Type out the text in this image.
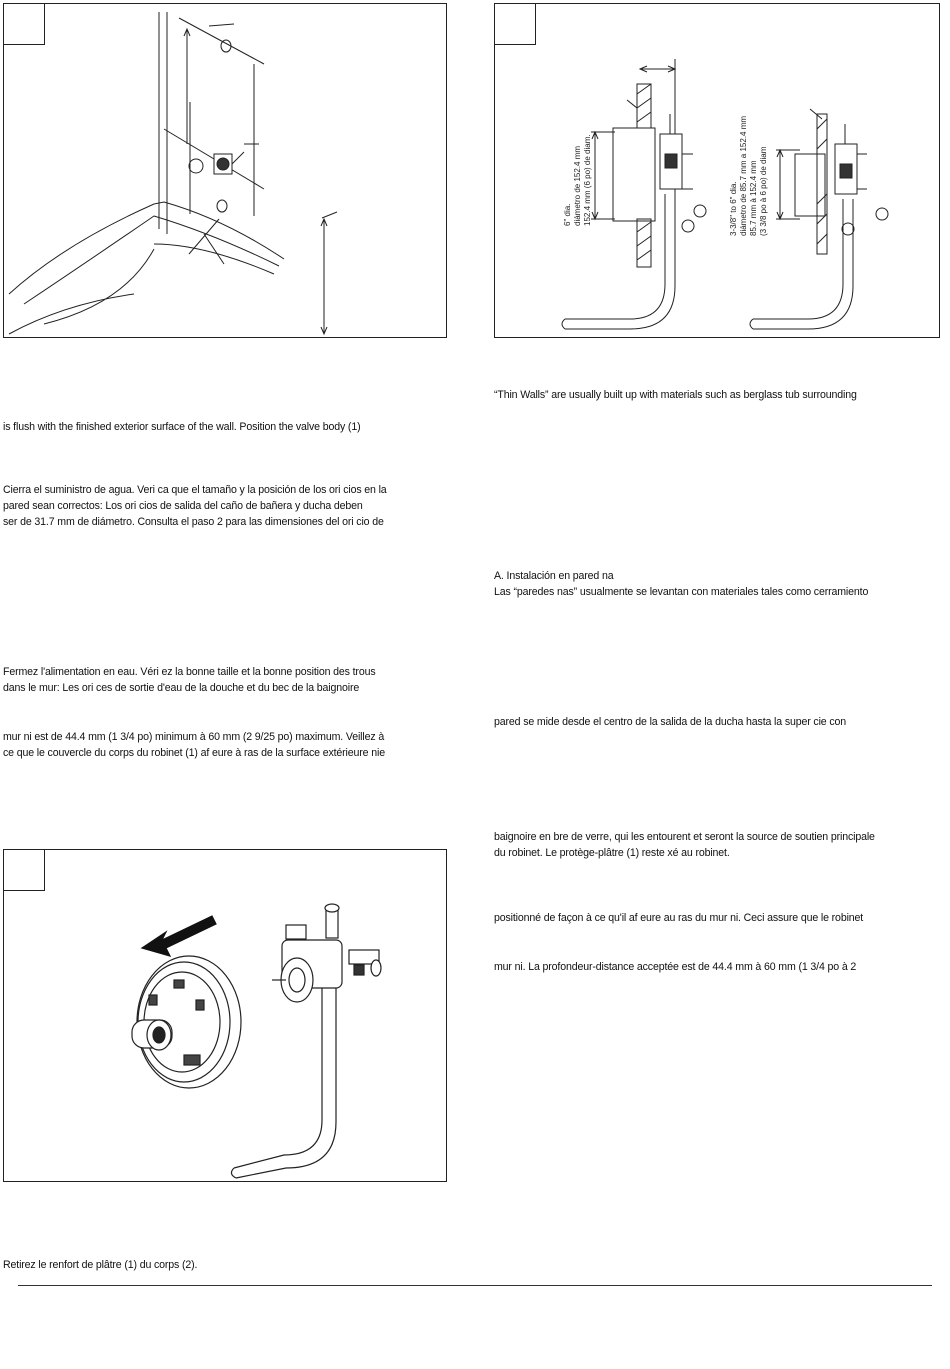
6" dia. diámetro de 152.4 mm 152.4 mm (6 po) de diam.	3-3/8" to 6" dia. diámetro de 85.7 mm a 152.4 mm 85.7 mm à 152.4 mm (3 3/8 po à 6 po) de diam
is flush with the finished exterior surface of the wall. Position the valve body (1)
Cierra el suministro de agua. Veri ca que el tamaño y la posición de los ori cios en la
pared sean correctos: Los ori cios de salida del caño de bañera y ducha deben
ser de 31.7 mm de diámetro. Consulta el paso 2 para las dimensiones del ori cio de
Fermez l'alimentation en eau. Véri ez la bonne taille et la bonne position des trous
dans le mur: Les ori ces de sortie d'eau de la douche et du bec de la baignoire
mur ni est de 44.4 mm (1 3/4 po) minimum à 60 mm (2 9/25 po) maximum. Veillez à
ce que le couvercle du corps du robinet (1) af eure à ras de la surface extérieure nie
Retirez le renfort de plâtre (1) du corps (2).
“Thin Walls” are usually built up with materials such as berglass tub surrounding
A. Instalación en pared na
Las “paredes nas” usualmente se levantan con materiales tales como cerramiento
pared se mide desde el centro de la salida de la ducha hasta la super cie con
baignoire en bre de verre, qui les entourent et seront la source de soutien principale
du robinet. Le protège-plâtre (1) reste xé au robinet.
positionné de façon à ce qu'il af eure au ras du mur ni. Ceci assure que le robinet
mur ni. La profondeur-distance acceptée est de 44.4 mm à 60 mm (1 3/4 po à 2
